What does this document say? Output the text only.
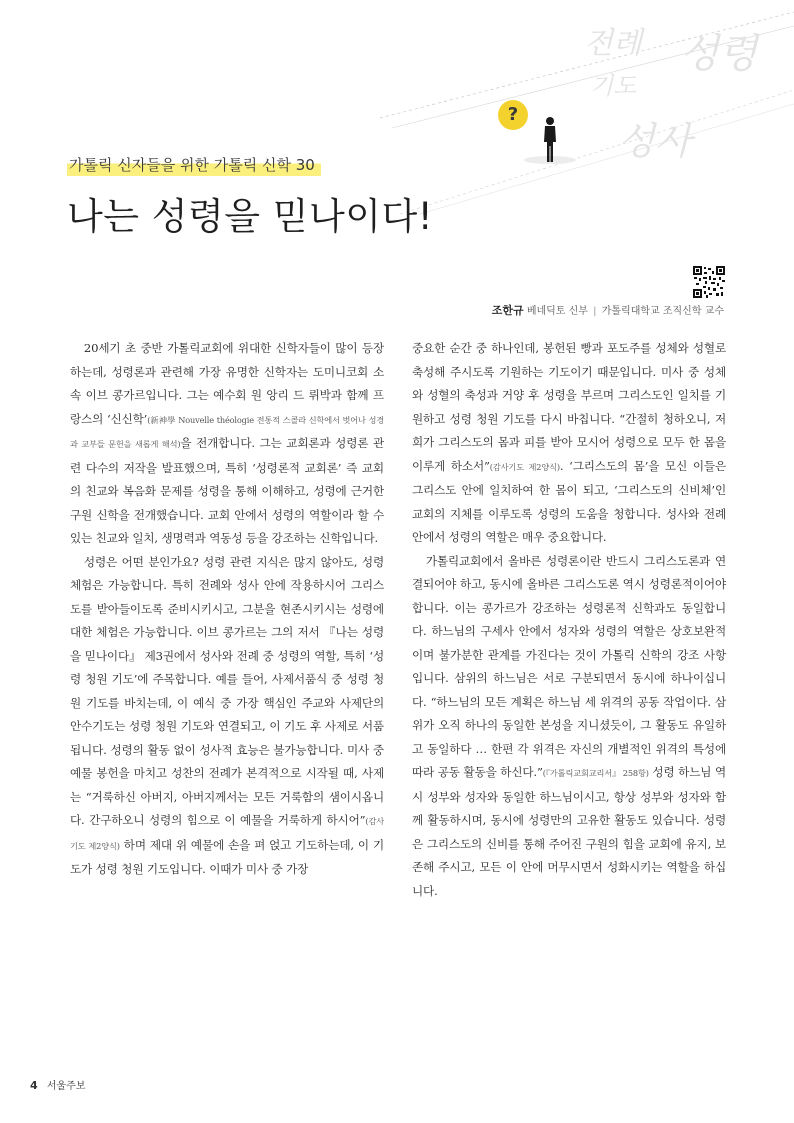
전례 성령
기도
성사
?
가톨릭 신자들을 위한 가톨릭 신학 30
나는 성령을 믿나이다!
조한규 베네딕토 신부 | 가톨릭대학교 조직신학 교수

20세기 초 중반 가톨릭교회에 위대한 신학자들이 많이 등장하는데, 성령론과 관련해 가장 유명한 신학자는 도미니코회 소속 이브 콩가르입니다. 그는 예수회 원 앙리 드 뤼박과 함께 프랑스의 ‘신신학’(新神學 Nouvelle théologie 전통적 스콜라 신학에서 벗어나 성경과 교부들 문헌을 새롭게 해석)을 전개합니다. 그는 교회론과 성령론 관련 다수의 저작을 발표했으며, 특히 ‘성령론적 교회론’ 즉 교회의 친교와 복음화 문제를 성령을 통해 이해하고, 성령에 근거한 구원 신학을 전개했습니다. 교회 안에서 성령의 역할이라 할 수 있는 친교와 일치, 생명력과 역동성 등을 강조하는 신학입니다.

성령은 어떤 분인가요? 성령 관련 지식은 많지 않아도, 성령 체험은 가능합니다. 특히 전례와 성사 안에 작용하시어 그리스도를 받아들이도록 준비시키시고, 그분을 현존시키시는 성령에 대한 체험은 가능합니다. 이브 콩가르는 그의 저서 『나는 성령을 믿나이다』 제3권에서 성사와 전례 중 성령의 역할, 특히 ‘성령 청원 기도’에 주목합니다. 예를 들어, 사제서품식 중 성령 청원 기도를 바치는데, 이 예식 중 가장 핵심인 주교와 사제단의 안수기도는 성령 청원 기도와 연결되고, 이 기도 후 사제로 서품됩니다. 성령의 활동 없이 성사적 효능은 불가능합니다. 미사 중 예물 봉헌을 마치고 성찬의 전례가 본격적으로 시작될 때, 사제는 “거룩하신 아버지, 아버지께서는 모든 거룩함의 샘이시옵니다. 간구하오니 성령의 힘으로 이 예물을 거룩하게 하시어”(감사기도 제2양식) 하며 제대 위 예물에 손을 펴 얹고 기도하는데, 이 기도가 성령 청원 기도입니다. 이때가 미사 중 가장

중요한 순간 중 하나인데, 봉헌된 빵과 포도주를 성체와 성혈로 축성해 주시도록 기원하는 기도이기 때문입니다. 미사 중 성체와 성혈의 축성과 거양 후 성령을 부르며 그리스도인 일치를 기원하고 성령 청원 기도를 다시 바칩니다. “간절히 청하오니, 저희가 그리스도의 몸과 피를 받아 모시어 성령으로 모두 한 몸을 이루게 하소서”(감사기도 제2양식). ‘그리스도의 몸’을 모신 이들은 그리스도 안에 일치하여 한 몸이 되고, ‘그리스도의 신비체’인 교회의 지체를 이루도록 성령의 도움을 청합니다. 성사와 전례 안에서 성령의 역할은 매우 중요합니다.

가톨릭교회에서 올바른 성령론이란 반드시 그리스도론과 연결되어야 하고, 동시에 올바른 그리스도론 역시 성령론적이어야 합니다. 이는 콩가르가 강조하는 성령론적 신학과도 동일합니다. 하느님의 구세사 안에서 성자와 성령의 역할은 상호보완적이며 불가분한 관계를 가진다는 것이 가톨릭 신학의 강조 사항입니다. 삼위의 하느님은 서로 구분되면서 동시에 하나이십니다. “하느님의 모든 계획은 하느님 세 위격의 공동 작업이다. 삼위가 오직 하나의 동일한 본성을 지니셨듯이, 그 활동도 유일하고 동일하다 … 한편 각 위격은 자신의 개별적인 위격의 특성에 따라 공동 활동을 하신다.”(『가톨릭교회교리서』 258항) 성령 하느님 역시 성부와 성자와 동일한 하느님이시고, 항상 성부와 성자와 함께 활동하시며, 동시에 성령만의 고유한 활동도 있습니다. 성령은 그리스도의 신비를 통해 주어진 구원의 힘을 교회에 유지, 보존해 주시고, 모든 이 안에 머무시면서 성화시키는 역할을 하십니다.

4 서울주보
